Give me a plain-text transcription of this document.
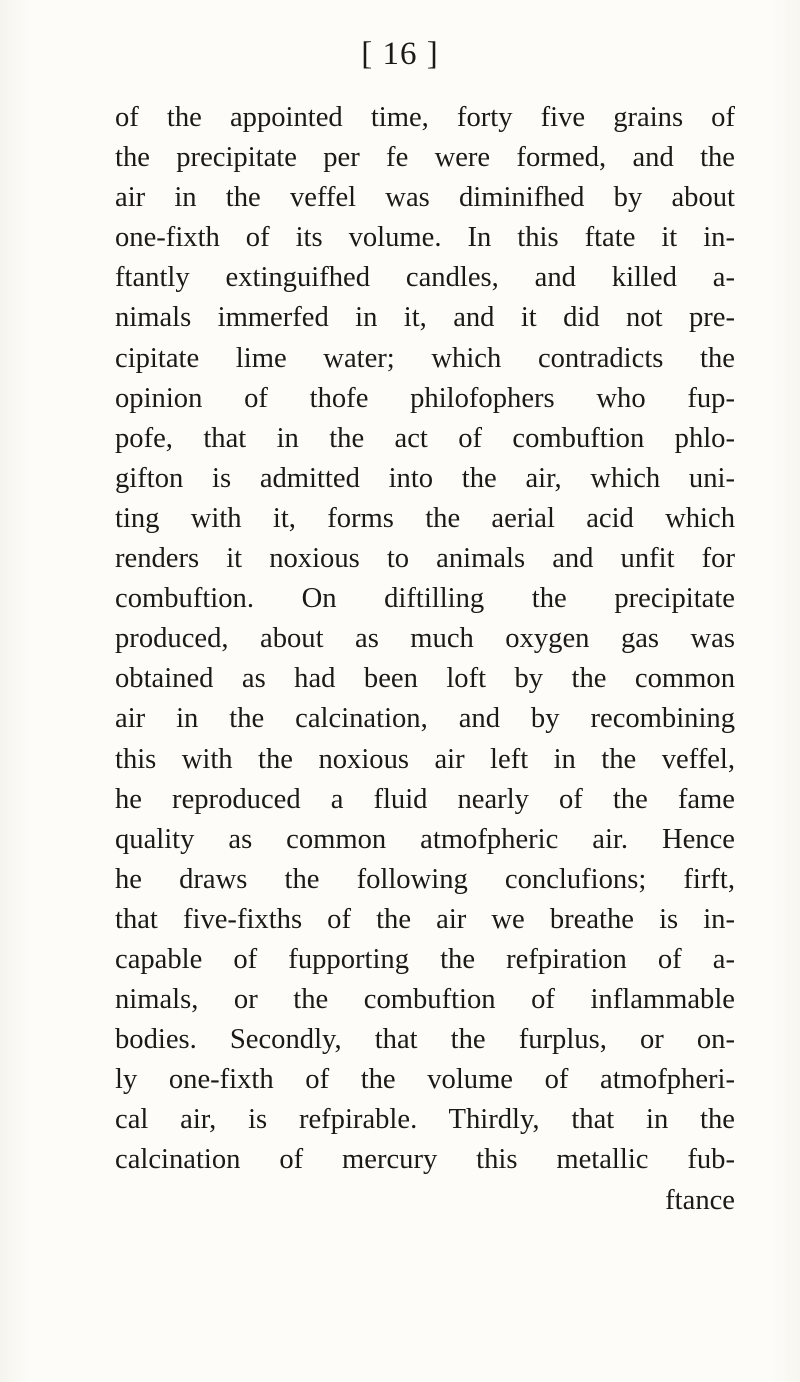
[ 16 ]
of the appointed time, forty five grains of
the precipitate per fe were formed, and the
air in the veffel was diminifhed by about
one-fixth of its volume. In this ftate it in-
ftantly extinguifhed candles, and killed a-
nimals immerfed in it, and it did not pre-
cipitate lime water; which contradicts the
opinion of thofe philofophers who fup-
pofe, that in the act of combuftion phlo-
gifton is admitted into the air, which uni-
ting with it, forms the aerial acid which
renders it noxious to animals and unfit for
combuftion. On diftilling the precipitate
produced, about as much oxygen gas was
obtained as had been loft by the common
air in the calcination, and by recombining
this with the noxious air left in the veffel,
he reproduced a fluid nearly of the fame
quality as common atmofpheric air. Hence
he draws the following conclufions; firft,
that five-fixths of the air we breathe is in-
capable of fupporting the refpiration of a-
nimals, or the combuftion of inflammable
bodies. Secondly, that the furplus, or on-
ly one-fixth of the volume of atmofpheri-
cal air, is refpirable. Thirdly, that in the
calcination of mercury this metallic fub-
ftance
